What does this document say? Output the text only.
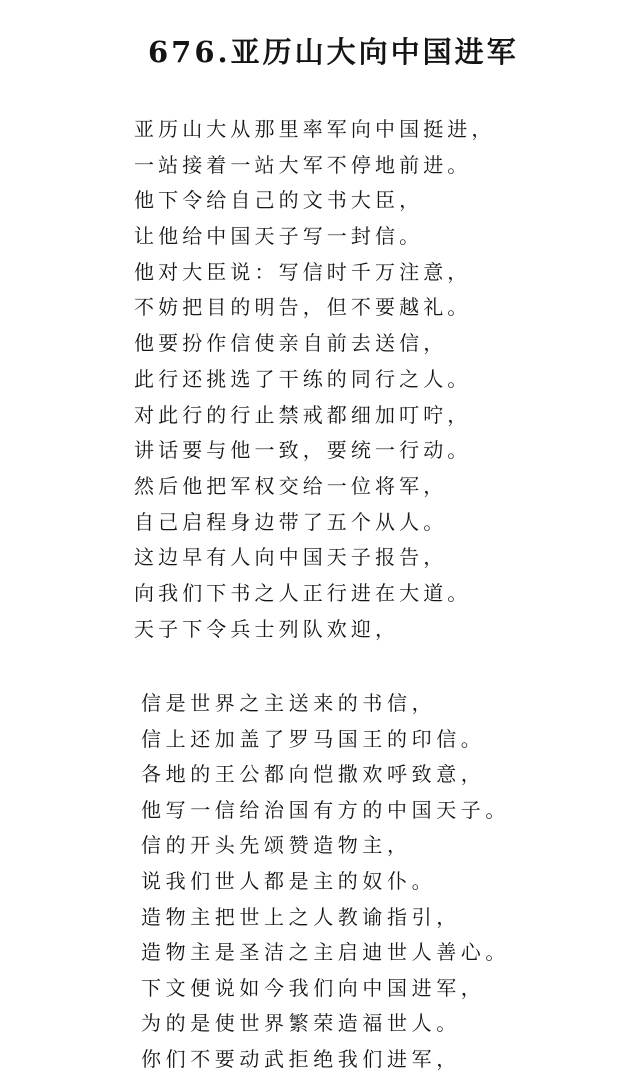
676.亚历山大向中国进军
亚历山大从那里率军向中国挺进，
一站接着一站大军不停地前进。
他下令给自己的文书大臣，
让他给中国天子写一封信。
他对大臣说：写信时千万注意，
不妨把目的明告，但不要越礼。
他要扮作信使亲自前去送信，
此行还挑选了干练的同行之人。
对此行的行止禁戒都细加叮咛，
讲话要与他一致，要统一行动。
然后他把军权交给一位将军，
自己启程身边带了五个从人。
这边早有人向中国天子报告，
向我们下书之人正行进在大道。
天子下令兵士列队欢迎，
信是世界之主送来的书信，
信上还加盖了罗马国王的印信。
各地的王公都向恺撒欢呼致意，
他写一信给治国有方的中国天子。
信的开头先颂赞造物主，
说我们世人都是主的奴仆。
造物主把世上之人教谕指引，
造物主是圣洁之主启迪世人善心。
下文便说如今我们向中国进军，
为的是使世界繁荣造福世人。
你们不要动武拒绝我们进军，
